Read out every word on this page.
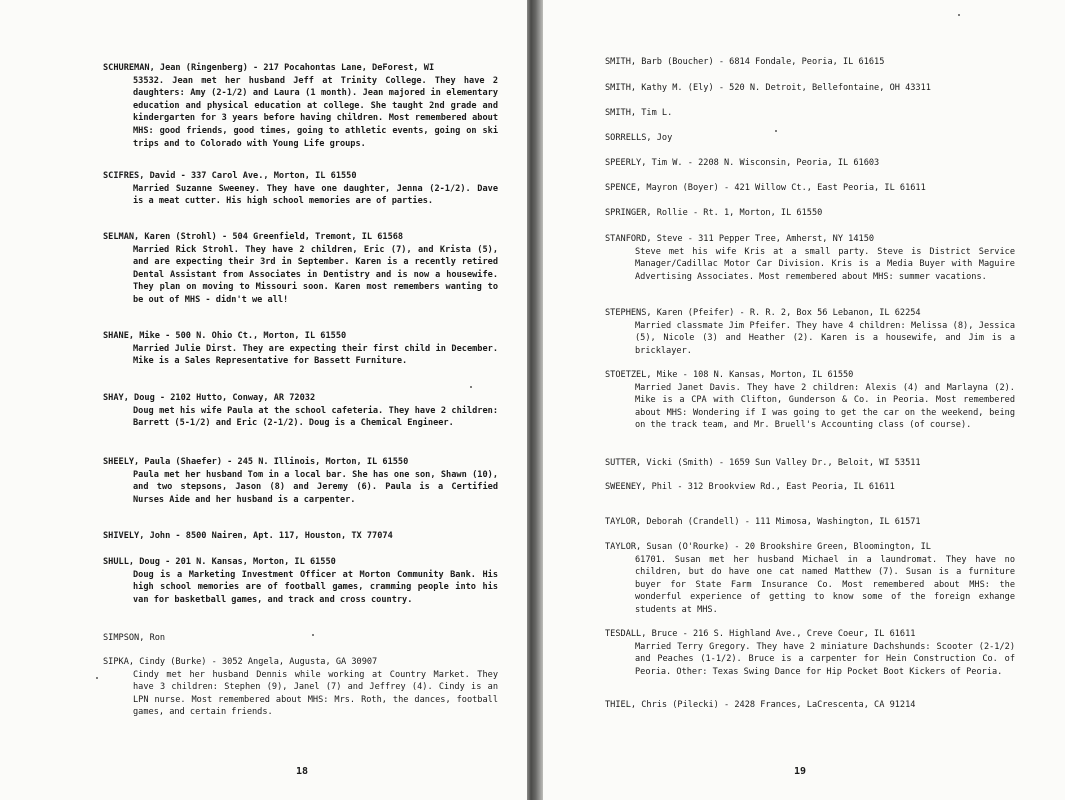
SCHUREMAN, Jean (Ringenberg) - 217 Pocahontas Lane, DeForest, WI
53532. Jean met her husband Jeff at Trinity College. They have 2 daughters: Amy (2-1/2) and Laura (1 month). Jean majored in elementary education and physical education at college. She taught 2nd grade and kindergarten for 3 years before having children. Most remembered about MHS: good friends, good times, going to athletic events, going on ski trips and to Colorado with Young Life groups.
SCIFRES, David - 337 Carol Ave., Morton, IL 61550
Married Suzanne Sweeney. They have one daughter, Jenna (2-1/2). Dave is a meat cutter. His high school memories are of parties.
SELMAN, Karen (Strohl) - 504 Greenfield, Tremont, IL 61568
Married Rick Strohl. They have 2 children, Eric (7), and Krista (5), and are expecting their 3rd in September. Karen is a recently retired Dental Assistant from Associates in Dentistry and is now a housewife. They plan on moving to Missouri soon. Karen most remembers wanting to be out of MHS - didn't we all!
SHANE, Mike - 500 N. Ohio Ct., Morton, IL 61550
Married Julie Dirst. They are expecting their first child in December. Mike is a Sales Representative for Bassett Furniture.
SHAY, Doug - 2102 Hutto, Conway, AR 72032
Doug met his wife Paula at the school cafeteria. They have 2 children: Barrett (5-1/2) and Eric (2-1/2). Doug is a Chemical Engineer.
SHEELY, Paula (Shaefer) - 245 N. Illinois, Morton, IL 61550
Paula met her husband Tom in a local bar. She has one son, Shawn (10), and two stepsons, Jason (8) and Jeremy (6). Paula is a Certified Nurses Aide and her husband is a carpenter.
SHIVELY, John - 8500 Nairen, Apt. 117, Houston, TX 77074
SHULL, Doug - 201 N. Kansas, Morton, IL 61550
Doug is a Marketing Investment Officer at Morton Community Bank. His high school memories are of football games, cramming people into his van for basketball games, and track and cross country.
SIMPSON, Ron
SIPKA, Cindy (Burke) - 3052 Angela, Augusta, GA 30907
Cindy met her husband Dennis while working at Country Market. They have 3 children: Stephen (9), Janel (7) and Jeffrey (4). Cindy is an LPN nurse. Most remembered about MHS: Mrs. Roth, the dances, football games, and certain friends.
18
SMITH, Barb (Boucher) - 6814 Fondale, Peoria, IL 61615
SMITH, Kathy M. (Ely) - 520 N. Detroit, Bellefontaine, OH 43311
SMITH, Tim L.
SORRELLS, Joy
SPEERLY, Tim W. - 2208 N. Wisconsin, Peoria, IL 61603
SPENCE, Mayron (Boyer) - 421 Willow Ct., East Peoria, IL 61611
SPRINGER, Rollie - Rt. 1, Morton, IL 61550
STANFORD, Steve - 311 Pepper Tree, Amherst, NY 14150
Steve met his wife Kris at a small party. Steve is District Service Manager/Cadillac Motor Car Division. Kris is a Media Buyer with Maguire Advertising Associates. Most remembered about MHS: summer vacations.
STEPHENS, Karen (Pfeifer) - R. R. 2, Box 56 Lebanon, IL 62254
Married classmate Jim Pfeifer. They have 4 children: Melissa (8), Jessica (5), Nicole (3) and Heather (2). Karen is a housewife, and Jim is a bricklayer.
STOETZEL, Mike - 108 N. Kansas, Morton, IL 61550
Married Janet Davis. They have 2 children: Alexis (4) and Marlayna (2). Mike is a CPA with Clifton, Gunderson & Co. in Peoria. Most remembered about MHS: Wondering if I was going to get the car on the weekend, being on the track team, and Mr. Bruell's Accounting class (of course).
SUTTER, Vicki (Smith) - 1659 Sun Valley Dr., Beloit, WI 53511
SWEENEY, Phil - 312 Brookview Rd., East Peoria, IL 61611
TAYLOR, Deborah (Crandell) - 111 Mimosa, Washington, IL 61571
TAYLOR, Susan (O'Rourke) - 20 Brookshire Green, Bloomington, IL
61701. Susan met her husband Michael in a laundromat. They have no children, but do have one cat named Matthew (7). Susan is a furniture buyer for State Farm Insurance Co. Most remembered about MHS: the wonderful experience of getting to know some of the foreign exhange students at MHS.
TESDALL, Bruce - 216 S. Highland Ave., Creve Coeur, IL 61611
Married Terry Gregory. They have 2 miniature Dachshunds: Scooter (2-1/2) and Peaches (1-1/2). Bruce is a carpenter for Hein Construction Co. of Peoria. Other: Texas Swing Dance for Hip Pocket Boot Kickers of Peoria.
THIEL, Chris (Pilecki) - 2428 Frances, LaCrescenta, CA 91214
19
